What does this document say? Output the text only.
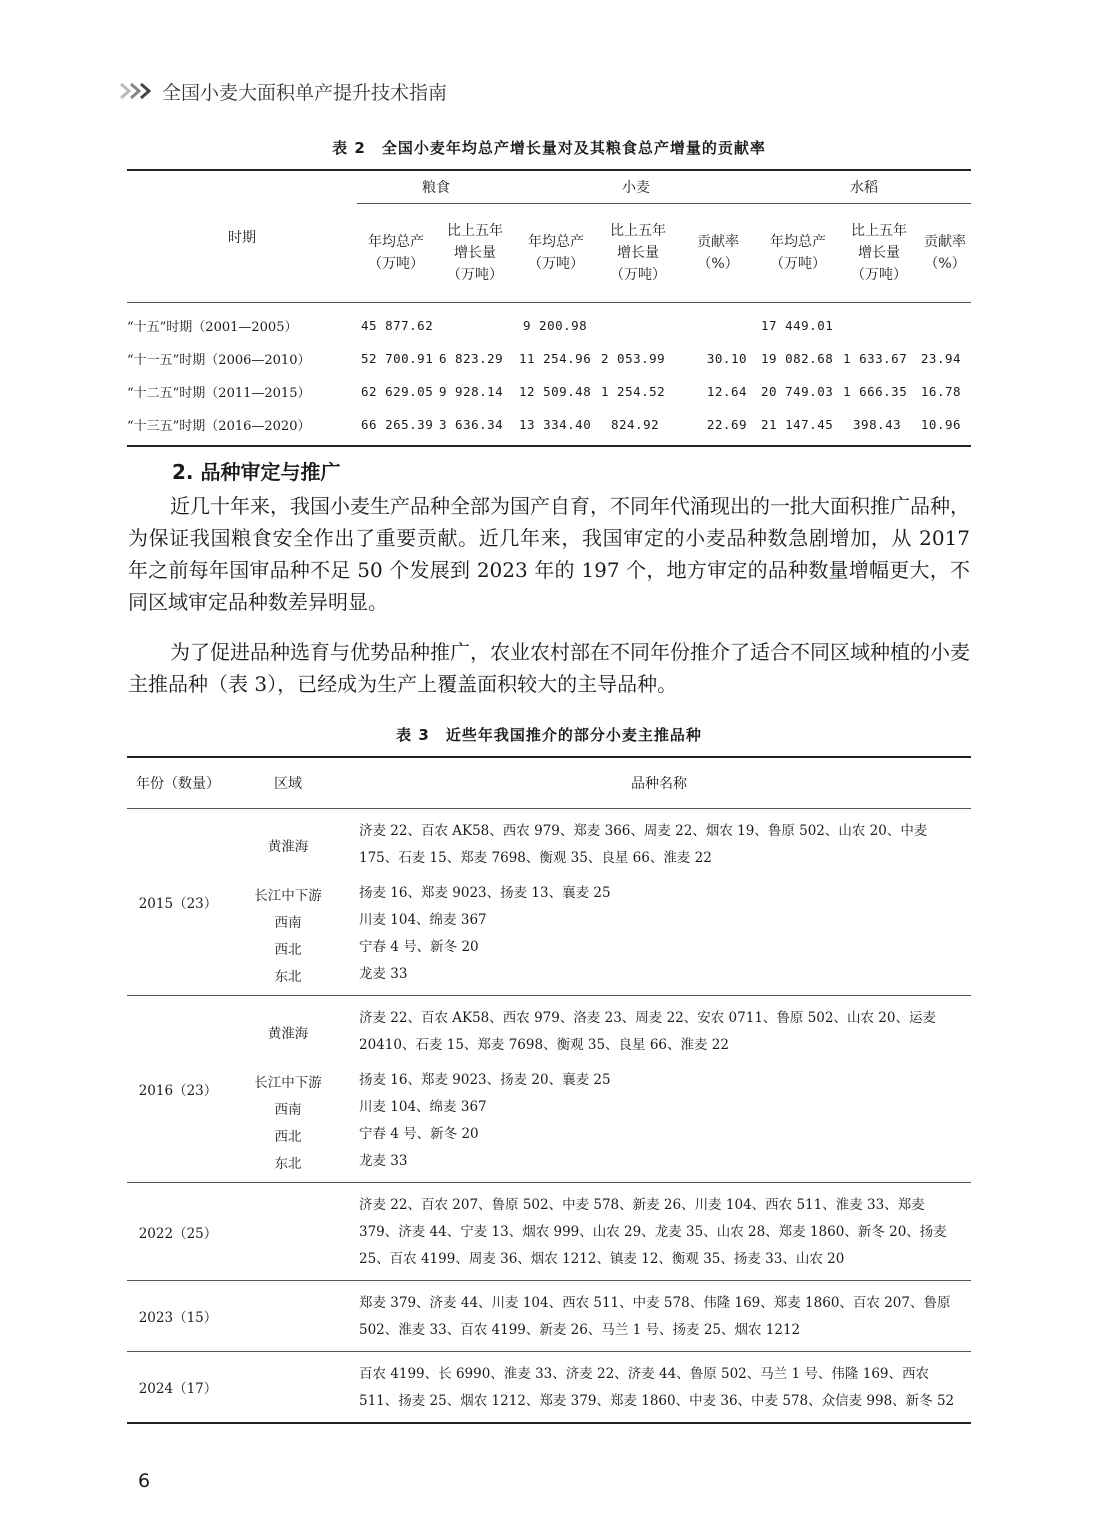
全国小麦大面积单产提升技术指南
表 2　全国小麦年均总产增长量对及其粮食总产增量的贡献率
时期	粮食		小麦			水稻		
	年均总产（万吨）	比上五年增长量（万吨）	年均总产（万吨）	比上五年增长量（万吨）	贡献率（%）	年均总产（万吨）	比上五年增长量（万吨）	贡献率（%）
“十五”时期（2001—2005）	45 877.62		9 200.98			17 449.01		
“十一五”时期（2006—2010）	52 700.91	6 823.29	11 254.96	2 053.99	30.10	19 082.68	1 633.67	23.94
“十二五”时期（2011—2015）	62 629.05	9 928.14	12 509.48	1 254.52	12.64	20 749.03	1 666.35	16.78
“十三五”时期（2016—2020）	66 265.39	3 636.34	13 334.40	824.92	22.69	21 147.45	398.43	10.96
2. 品种审定与推广

近几十年来，我国小麦生产品种全部为国产自育，不同年代涌现出的一批大面积推广品种，为保证我国粮食安全作出了重要贡献。近几年来，我国审定的小麦品种数急剧增加，从 2017 年之前每年国审品种不足 50 个发展到 2023 年的 197 个，地方审定的品种数量增幅更大，不同区域审定品种数差异明显。

为了促进品种选育与优势品种推广，农业农村部在不同年份推介了适合不同区域种植的小麦主推品种（表 3），已经成为生产上覆盖面积较大的主导品种。

表 3　近些年我国推介的部分小麦主推品种
年份（数量）	区域	品种名称
2015（23）	黄淮海	济麦 22、百农 AK58、西农 979、郑麦 366、周麦 22、烟农 19、鲁原 502、山农 20、中麦 175、石麦 15、郑麦 7698、衡观 35、良星 66、淮麦 22
	长江中下游	扬麦 16、郑麦 9023、扬麦 13、襄麦 25
	西南	川麦 104、绵麦 367
	西北	宁春 4 号、新冬 20
	东北	龙麦 33
2016（23）	黄淮海	济麦 22、百农 AK58、西农 979、洛麦 23、周麦 22、安农 0711、鲁原 502、山农 20、运麦 20410、石麦 15、郑麦 7698、衡观 35、良星 66、淮麦 22
	长江中下游	扬麦 16、郑麦 9023、扬麦 20、襄麦 25
	西南	川麦 104、绵麦 367
	西北	宁春 4 号、新冬 20
	东北	龙麦 33
2022（25）		济麦 22、百农 207、鲁原 502、中麦 578、新麦 26、川麦 104、西农 511、淮麦 33、郑麦 379、济麦 44、宁麦 13、烟农 999、山农 29、龙麦 35、山农 28、郑麦 1860、新冬 20、扬麦 25、百农 4199、周麦 36、烟农 1212、镇麦 12、衡观 35、扬麦 33、山农 20
2023（15）		郑麦 379、济麦 44、川麦 104、西农 511、中麦 578、伟隆 169、郑麦 1860、百农 207、鲁原 502、淮麦 33、百农 4199、新麦 26、马兰 1 号、扬麦 25、烟农 1212
2024（17）		百农 4199、长 6990、淮麦 33、济麦 22、济麦 44、鲁原 502、马兰 1 号、伟隆 169、西农 511、扬麦 25、烟农 1212、郑麦 379、郑麦 1860、中麦 36、中麦 578、众信麦 998、新冬 52
6
